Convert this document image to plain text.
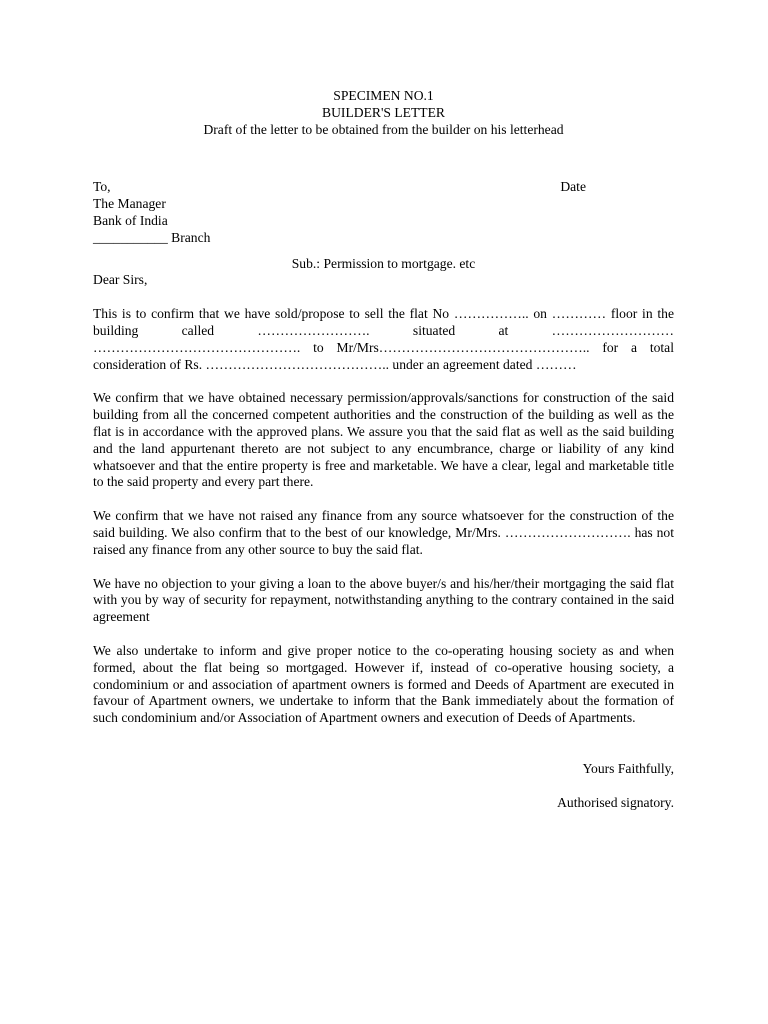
SPECIMEN NO.1
BUILDER'S LETTER
Draft of the letter to be obtained from the builder on his letterhead
To,	Date
The Manager
Bank of India
___________ Branch
Sub.: Permission to mortgage. etc
Dear Sirs,

This is to confirm that we have sold/propose to sell the flat No …………….. on ………… floor in the building called ……………………. situated at ……………………… ………………………………………. to Mr/Mrs……………………………………….. for a total consideration of Rs. ………………………………….. under an agreement dated ………

We confirm that we have obtained necessary permission/approvals/sanctions for construction of the said building from all the concerned competent authorities and the construction of the building as well as the flat is in accordance with the approved plans. We assure you that the said flat as well as the said building and the land appurtenant thereto are not subject to any encumbrance, charge or liability of any kind whatsoever and that the entire property is free and marketable. We have a clear, legal and marketable title to the said property and every part there.

We confirm that we have not raised any finance from any source whatsoever for the construction of the said building. We also confirm that to the best of our knowledge, Mr/Mrs. ………………………. has not raised any finance from any other source to buy the said flat.

We have no objection to your giving a loan to the above buyer/s and his/her/their mortgaging the said flat with you by way of security for repayment, notwithstanding anything to the contrary contained in the said agreement

We also undertake to inform and give proper notice to the co-operating housing society as and when formed, about the flat being so mortgaged. However if, instead of co-operative housing society, a condominium or and association of apartment owners is formed and Deeds of Apartment are executed in favour of Apartment owners, we undertake to inform that the Bank immediately about the formation of such condominium and/or Association of Apartment owners and execution of Deeds of Apartments.

Yours Faithfully,
Authorised signatory.
